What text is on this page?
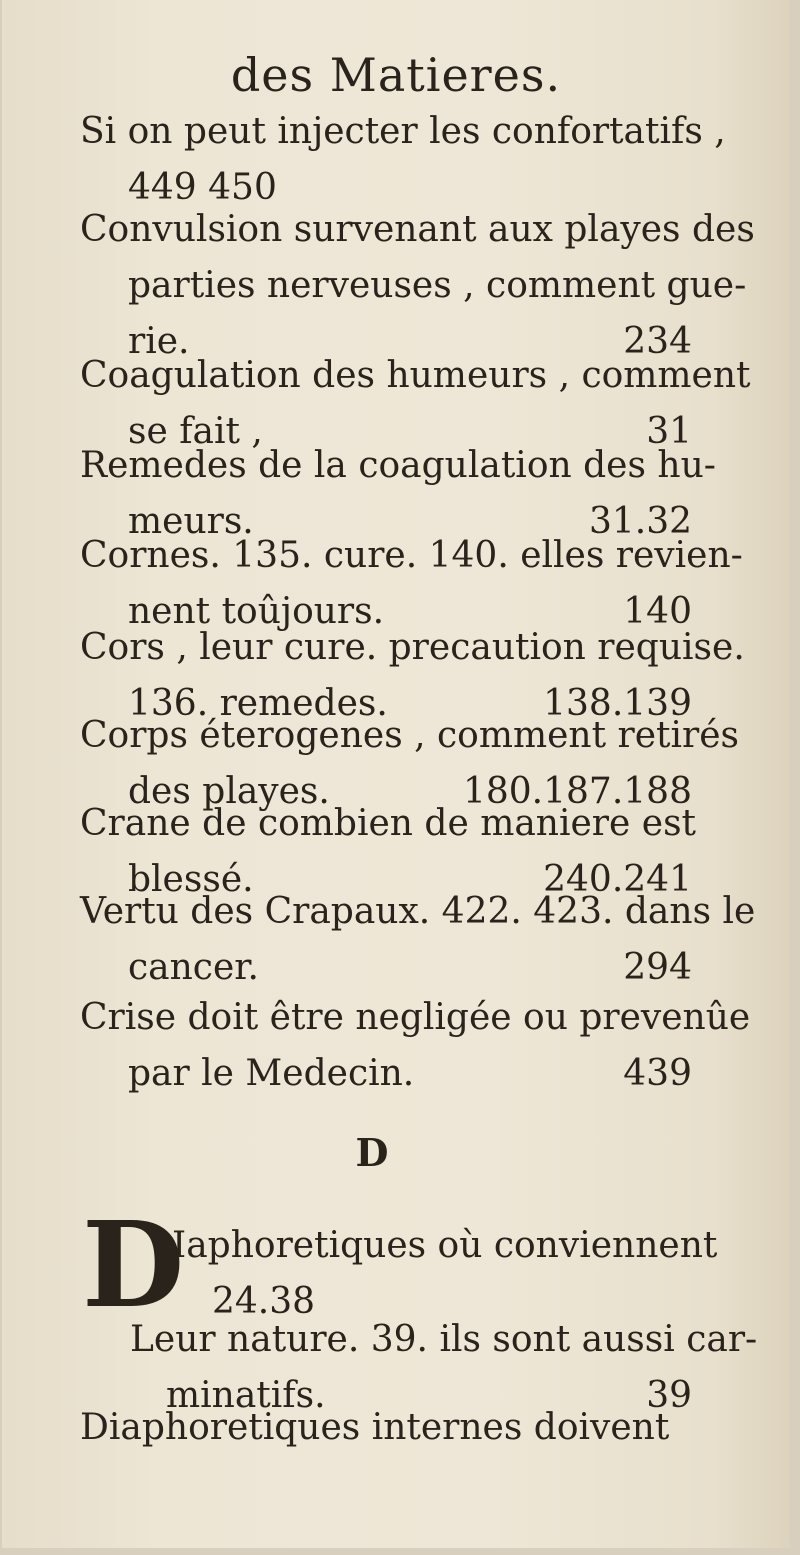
des Matieres.
Si on peut injecter les confortatifs ,
449 450
Convulsion survenant aux playes des
parties nerveuses , comment gue-
rie.	234
Coagulation des humeurs , comment
se fait ,	31
Remedes de la coagulation des hu-
meurs.	31.32
Cornes. 135. cure. 140. elles revien-
nent toûjours.	140
Cors , leur cure. precaution requise.
136. remedes.	138.139
Corps éterogenes , comment retirés
des playes.	180.187.188
Crane de combien de maniere est
blessé.	240.241
Vertu des Crapaux. 422. 423. dans le
cancer.	294
Crise doit être negligée ou prevenûe
par le Medecin.	439
D
D
Iaphoretiques où conviennent
24.38
Leur nature. 39. ils sont aussi car-
minatifs.	39
Diaphoretiques internes doivent
